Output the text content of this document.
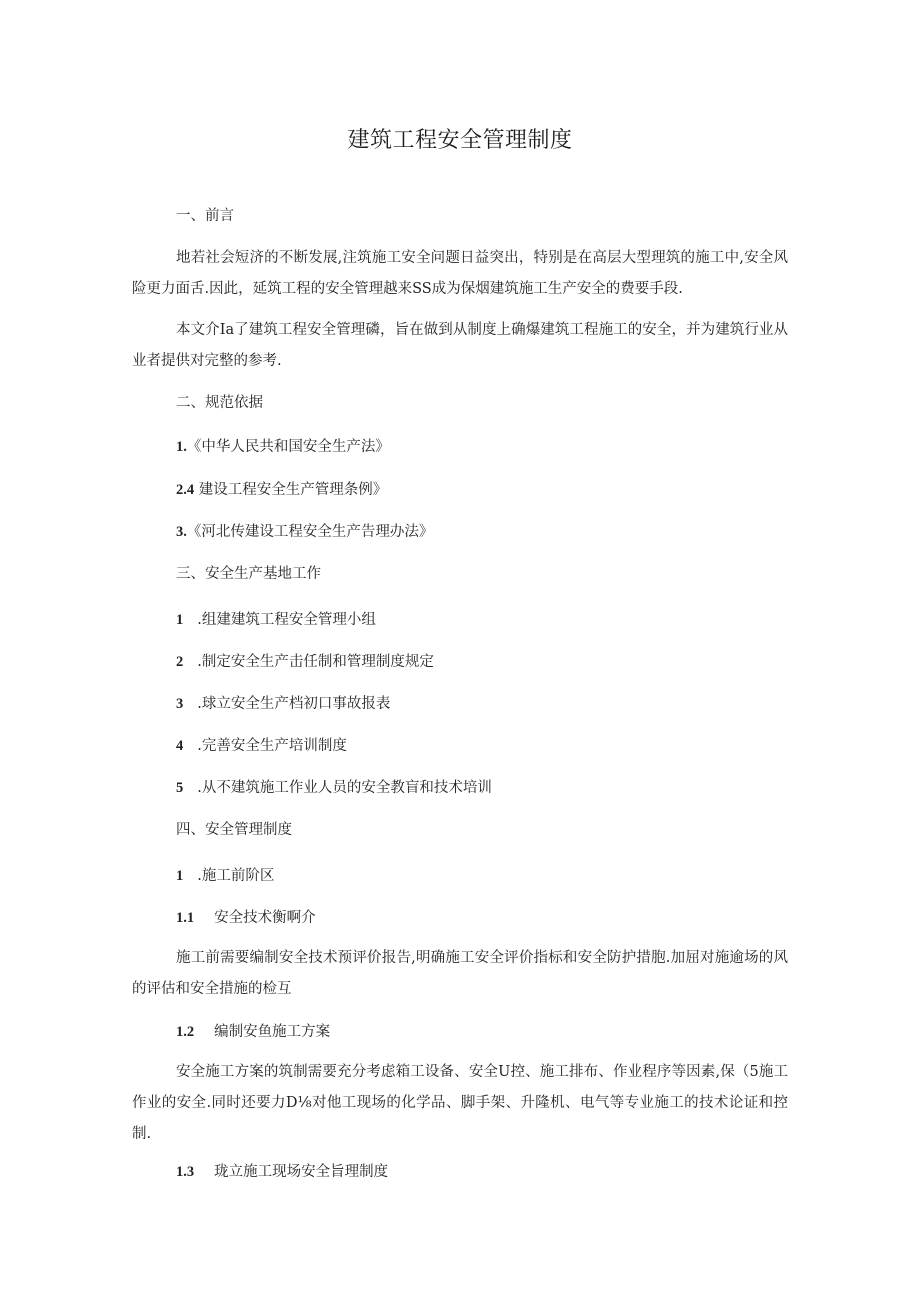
建筑工程安全管理制度
一、前言
地若社会短济的不断发展,注筑施工安全问题日益突出，特别是在高层大型理筑的施工中,安全风险更力面舌.因此，延筑工程的安全管理越来SS成为保烟建筑施工生产安全的费要手段.
本文介Ia了建筑工程安全管理磷，旨在做到从制度上确爆建筑工程施工的安全，并为建筑行业从业者提供对完整的参考.
二、规范依据
1.《中华人民共和国安全生产法》
2.4 建设工程安全生产管理条例》
3.《河北传建设工程安全生产告理办法》
三、安全生产基地工作
1 .组建建筑工程安全管理小组
2 .制定安全生产击任制和管理制度规定
3 .球立安全生产档初口事故报表
4 .完善安全生产培训制度
5 .从不建筑施工作业人员的安全教盲和技术培训
四、安全管理制度
1 .施工前阶区
1.1 安全技术衡啊介
施工前需要编制安全技术预评价报告,明确施工安全评价指标和安全防护措胞.加屈对施逾场的风的评估和安全措施的检互
1.2 编制安鱼施工方案
安全施工方案的筑制需要充分考虑箱工设备、安全U控、施工排布、作业程序等因素,保（5施工作业的安全.同时还要力D⅛对他工现场的化学品、脚手架、升隆机、电气等专业施工的技术论证和控制.
1.3 珑立施工现场安全旨理制度
